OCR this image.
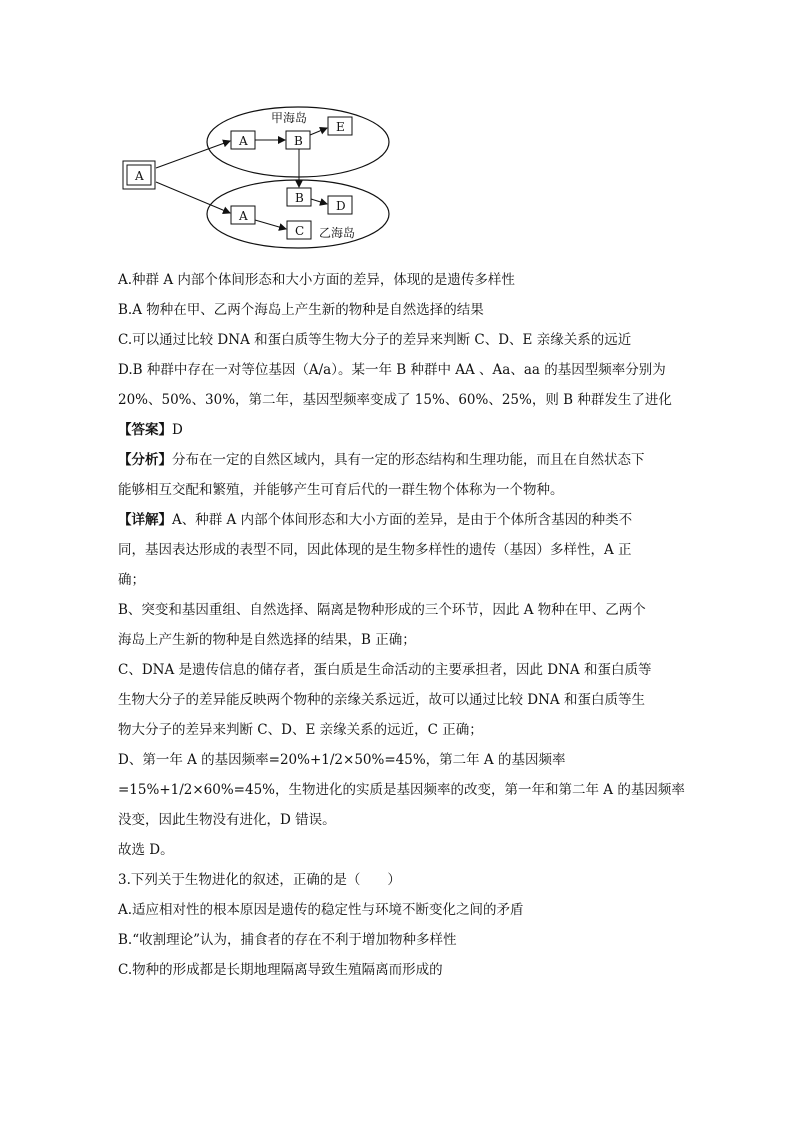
甲海岛
乙海岛
A
A	B
E
B
D
A
C

A.种群 A 内部个体间形态和大小方面的差异，体现的是遗传多样性

B.A 物种在甲、乙两个海岛上产生新的物种是自然选择的结果

C.可以通过比较 DNA 和蛋白质等生物大分子的差异来判断 C、D、E 亲缘关系的远近

D.B 种群中存在一对等位基因（A/a）。某一年 B 种群中 AA 、Aa、aa 的基因型频率分别为

20%、50%、30%，第二年，基因型频率变成了 15%、60%、25%，则 B 种群发生了进化

【答案】D

【分析】分布在一定的自然区域内，具有一定的形态结构和生理功能，而且在自然状态下

能够相互交配和繁殖，并能够产生可育后代的一群生物个体称为一个物种。

【详解】A、种群 A 内部个体间形态和大小方面的差异，是由于个体所含基因的种类不

同，基因表达形成的表型不同，因此体现的是生物多样性的遗传（基因）多样性，A 正

确；

B、突变和基因重组、自然选择、隔离是物种形成的三个环节，因此 A 物种在甲、乙两个

海岛上产生新的物种是自然选择的结果，B 正确；

C、DNA 是遗传信息的储存者，蛋白质是生命活动的主要承担者，因此 DNA 和蛋白质等

生物大分子的差异能反映两个物种的亲缘关系远近，故可以通过比较 DNA 和蛋白质等生

物大分子的差异来判断 C、D、E 亲缘关系的远近，C 正确；

D、第一年 A 的基因频率=20%+1/2×50%=45%，第二年 A 的基因频率

=15%+1/2×60%=45%，生物进化的实质是基因频率的改变，第一年和第二年 A 的基因频率

没变，因此生物没有进化，D 错误。

故选 D。

3.下列关于生物进化的叙述，正确的是（　　）

A.适应相对性的根本原因是遗传的稳定性与环境不断变化之间的矛盾

B.“收割理论”认为，捕食者的存在不利于增加物种多样性

C.物种的形成都是长期地理隔离导致生殖隔离而形成的
